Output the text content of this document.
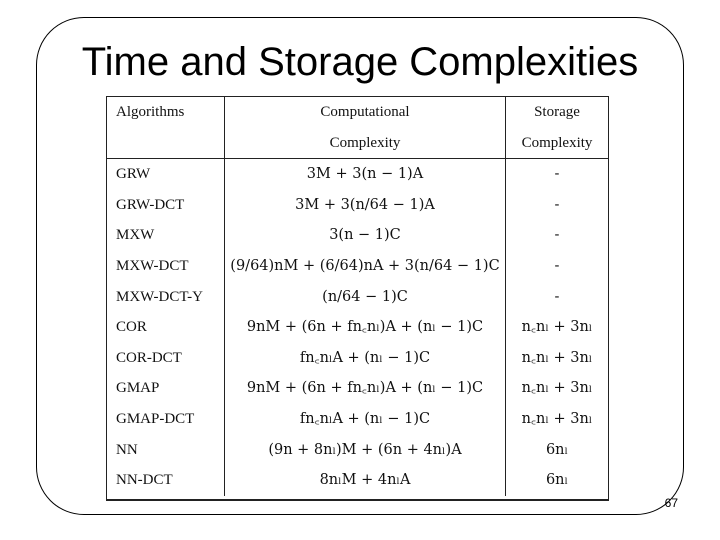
Time and Storage Complexities
Algorithms	Computational	Storage
	Complexity	Complexity
GRW	3M + 3(n − 1)A	-
GRW-DCT	3M + 3(n/64 − 1)A	-
MXW	3(n − 1)C	-
MXW-DCT	(9/64)nM + (6/64)nA + 3(n/64 − 1)C	-
MXW-DCT-Y	(n/64 − 1)C	-
COR	9nM + (6n + fn꜀nₗ)A + (nₗ − 1)C	n꜀nₗ + 3nₗ
COR-DCT	fn꜀nₗA + (nₗ − 1)C	n꜀nₗ + 3nₗ
GMAP	9nM + (6n + fn꜀nₗ)A + (nₗ − 1)C	n꜀nₗ + 3nₗ
GMAP-DCT	fn꜀nₗA + (nₗ − 1)C	n꜀nₗ + 3nₗ
NN	(9n + 8nₗ)M + (6n + 4nₗ)A	6nₗ
NN-DCT	8nₗM + 4nₗA	6nₗ
67
